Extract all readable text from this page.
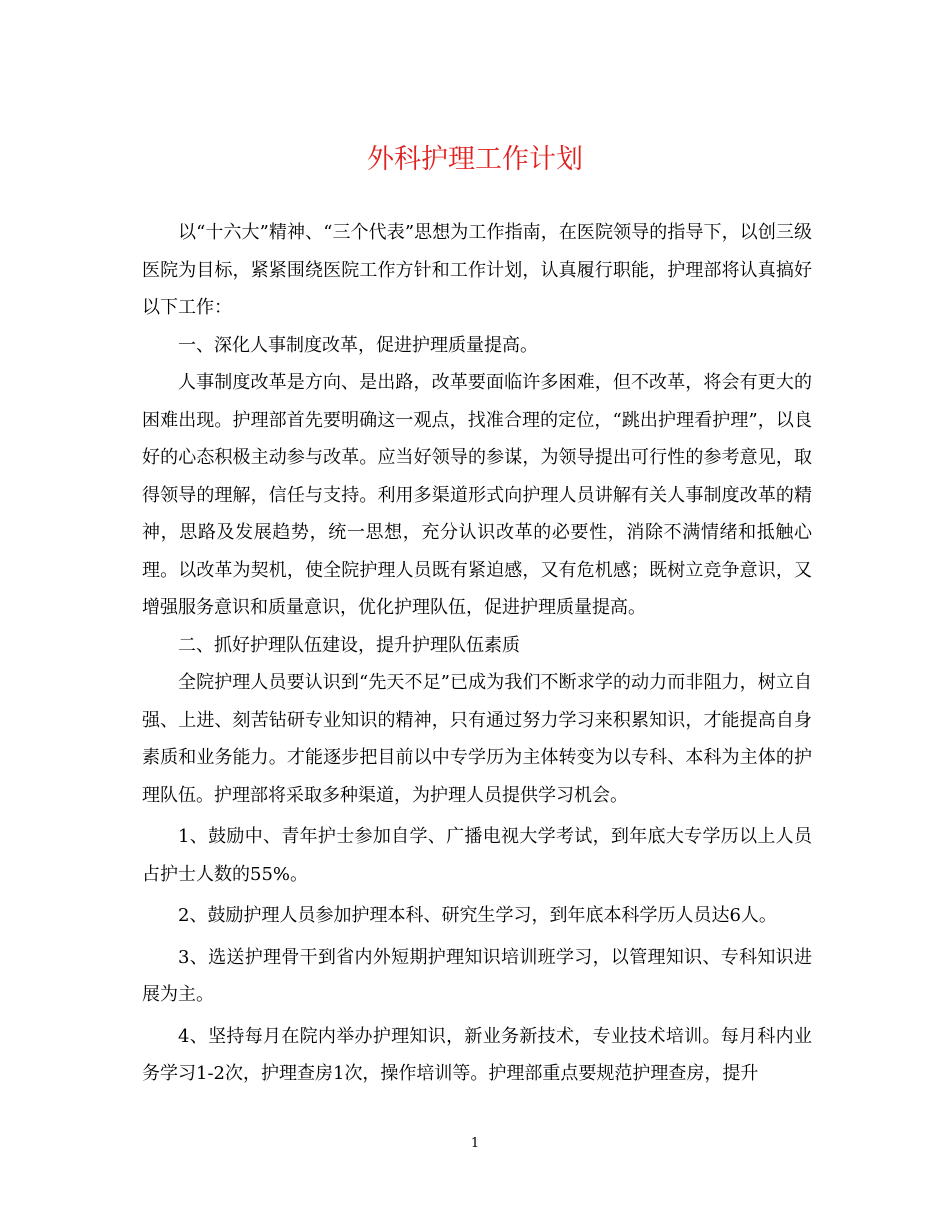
外科护理工作计划

以“十六大”精神、“三个代表”思想为工作指南，在医院领导的指导下，以创三级医院为目标，紧紧围绕医院工作方针和工作计划，认真履行职能，护理部将认真搞好以下工作：

一、深化人事制度改革，促进护理质量提高。

人事制度改革是方向、是出路，改革要面临许多困难，但不改革，将会有更大的困难出现。护理部首先要明确这一观点，找准合理的定位，“跳出护理看护理”，以良好的心态积极主动参与改革。应当好领导的参谋，为领导提出可行性的参考意见，取得领导的理解，信任与支持。利用多渠道形式向护理人员讲解有关人事制度改革的精神，思路及发展趋势，统一思想，充分认识改革的必要性，消除不满情绪和抵触心理。以改革为契机，使全院护理人员既有紧迫感，又有危机感；既树立竞争意识，又增强服务意识和质量意识，优化护理队伍，促进护理质量提高。

二、抓好护理队伍建设，提升护理队伍素质

全院护理人员要认识到“先天不足”已成为我们不断求学的动力而非阻力，树立自强、上进、刻苦钻研专业知识的精神，只有通过努力学习来积累知识，才能提高自身素质和业务能力。才能逐步把目前以中专学历为主体转变为以专科、本科为主体的护理队伍。护理部将采取多种渠道，为护理人员提供学习机会。

1、鼓励中、青年护士参加自学、广播电视大学考试，到年底大专学历以上人员占护士人数的55%。

2、鼓励护理人员参加护理本科、研究生学习，到年底本科学历人员达6人。

3、选送护理骨干到省内外短期护理知识培训班学习，以管理知识、专科知识进展为主。

4、坚持每月在院内举办护理知识，新业务新技术，专业技术培训。每月科内业务学习1-2次，护理查房1次，操作培训等。护理部重点要规范护理查房，提升

1
